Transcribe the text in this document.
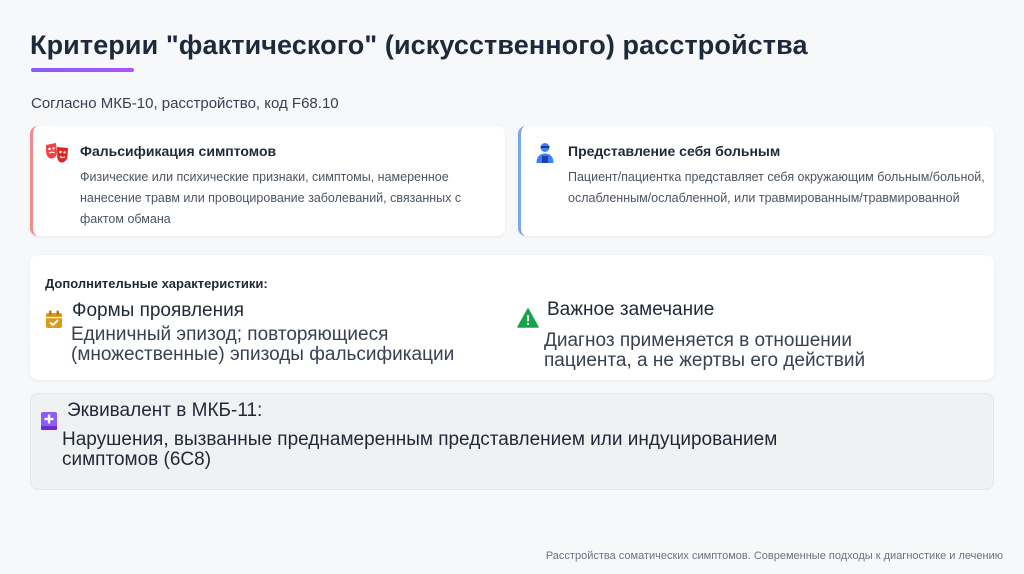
Критерии "фактического" (искусственного) расстройства
Согласно МКБ-10, расстройство, код F68.10
Фальсификация симптомов
Физические или психические признаки, симптомы, намеренное нанесение травм или провоцирование заболеваний, связанных с фактом обмана
Представление себя больным
Пациент/пациентка представляет себя окружающим больным/больной, ослабленным/ослабленной, или травмированным/травмированной
Дополнительные характеристики:
Формы проявления
Единичный эпизод; повторяющиеся (множественные) эпизоды фальсификации
Важное замечание
Диагноз применяется в отношении пациента, а не жертвы его действий
Эквивалент в МКБ-11:
Нарушения, вызванные преднамеренным представлением или индуцированием симптомов (6C8)
Расстройства соматических симптомов. Современные подходы к диагностике и лечению
